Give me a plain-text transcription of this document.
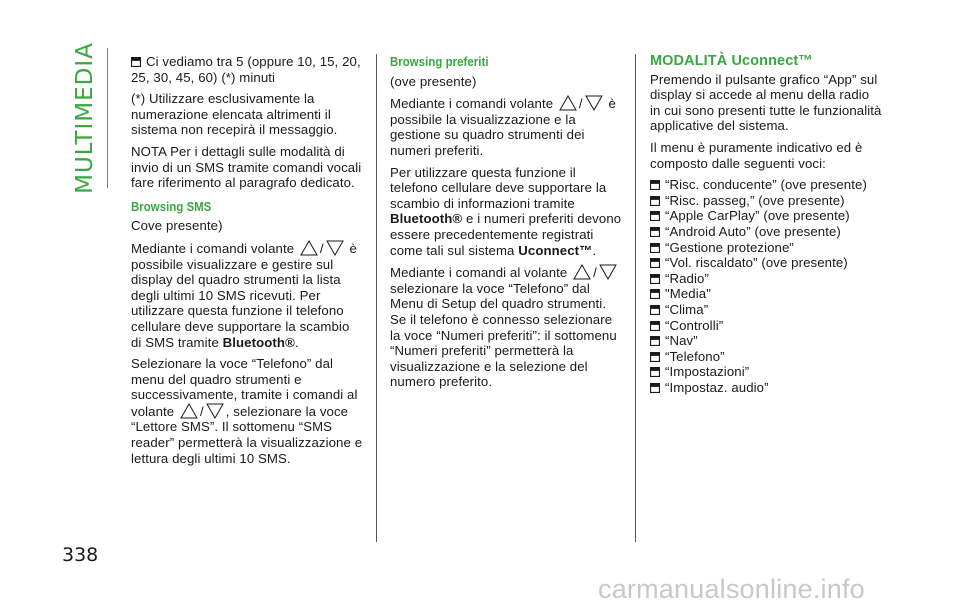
MULTIMEDIA
338

Ci vediamo tra 5 (oppure 10, 15, 20, 25, 30, 45, 60) (*) minuti

(*) Utilizzare esclusivamente la numerazione elencata altrimenti il sistema non recepirà il messaggio.

NOTA Per i dettagli sulle modalità di invio di un SMS tramite comandi vocali fare riferimento al paragrafo dedicato.

Browsing SMS

Cove presente)

Mediante i comandi volante / è possibile visualizzare e gestire sul display del quadro strumenti la lista degli ultimi 10 SMS ricevuti. Per utilizzare questa funzione il telefono cellulare deve supportare la scambio di SMS tramite Bluetooth®.

Selezionare la voce “Telefono” dal menu del quadro strumenti e successivamente, tramite i comandi al volante / , selezionare la voce “Lettore SMS”. Il sottomenu “SMS reader” permetterà la visualizzazione e lettura degli ultimi 10 SMS.

Browsing preferiti

(ove presente)

Mediante i comandi volante / è possibile la visualizzazione e la gestione su quadro strumenti dei numeri preferiti.

Per utilizzare questa funzione il telefono cellulare deve supportare la scambio di informazioni tramite Bluetooth® e i numeri preferiti devono essere precedentemente registrati come tali sul sistema Uconnect™.

Mediante i comandi al volante / selezionare la voce “Telefono” dal Menu di Setup del quadro strumenti. Se il telefono è connesso selezionare la voce “Numeri preferiti”: il sottomenu “Numeri preferiti” permetterà la visualizzazione e la selezione del numero preferito.

MODALITÀ Uconnect™

Premendo il pulsante grafico “App” sul display si accede al menu della radio in cui sono presenti tutte le funzionalità applicative del sistema.

Il menu è puramente indicativo ed è composto dalle seguenti voci:

“Risc. conducente” (ove presente)
“Risc. passeg,” (ove presente)
“Apple CarPlay” (ove presente)
“Android Auto” (ove presente)
“Gestione protezione”
“Vol. riscaldato” (ove presente)
“Radio”
"Media"
“Clima”
“Controlli”
“Nav”
“Telefono”
“Impostazioni”
“Impostaz. audio”
carmanualsonline.info
